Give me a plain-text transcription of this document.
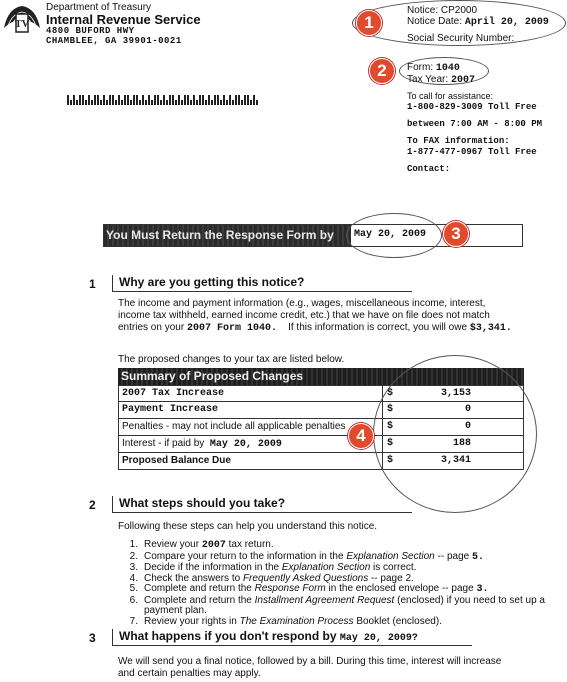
TV
Department of Treasury
Internal Revenue Service
4800 BUFORD HWY
CHAMBLEE, GA 39901-0021
Notice: CP2000
Notice Date: April 20, 2009
Social Security Number:
1
Form: 1040
Tax Year: 2007
2
To call for assistance:
1-800-829-3009 Toll Free
between 7:00 AM - 8:00 PM
To FAX information:
1-877-477-0967 Toll Free
Contact:
You Must Return the Response Form by	May 20, 2009	3
1	Why are you getting this notice?
The income and payment information (e.g., wages, miscellaneous income, interest,
income tax withheld, earned income credit, etc.) that we have on file does not match
entries on your 2007 Form 1040. If this information is correct, you will owe $3,341.
The proposed changes to your tax are listed below.
Summary of Proposed Changes
2007 Tax Increase	$	3,153
Payment Increase	$	0
Penalties - may not include all applicable penalties	$	0
Interest - if paid by May 20, 2009	$	188
Proposed Balance Due	$	3,341
4
2	What steps should you take?
Following these steps can help you understand this notice.
1. Review your 2007 tax return.
2. Compare your return to the information in the Explanation Section -- page 5.
3. Decide if the information in the Explanation Section is correct.
4. Check the answers to Frequently Asked Questions -- page 2.
5. Complete and return the Response Form in the enclosed envelope -- page 3.
6. Complete and return the Installment Agreement Request (enclosed) if you need to set up a payment plan.
7. Review your rights in The Examination Process Booklet (enclosed).
3	What happens if you don't respond by May 20, 2009?
We will send you a final notice, followed by a bill. During this time, interest will increase
and certain penalties may apply.
